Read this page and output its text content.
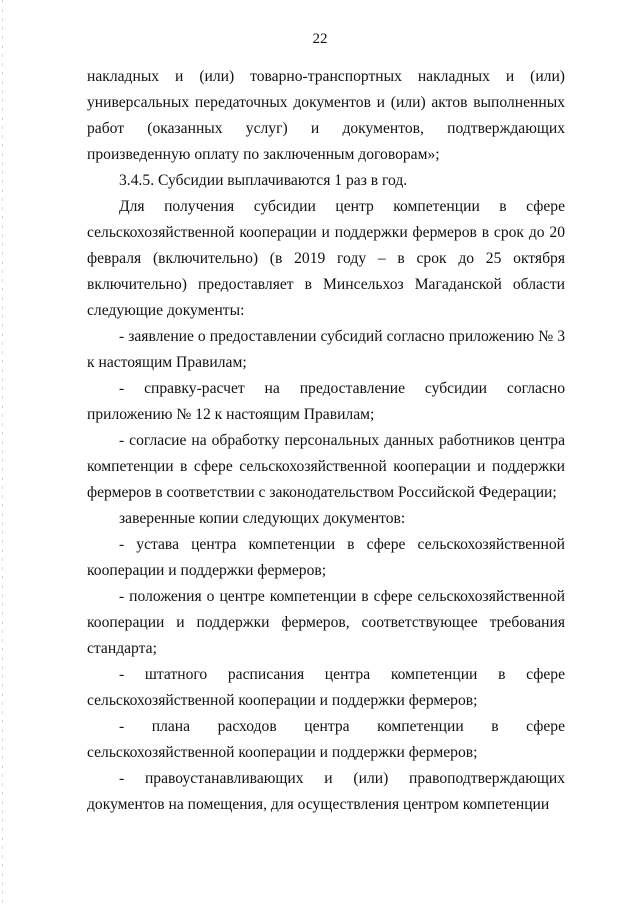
22

накладных и (или) товарно-транспортных накладных и (или) универсальных передаточных документов и (или) актов выполненных работ (оказанных услуг) и документов, подтверждающих произведенную оплату по заключенным договорам»;

3.4.5. Субсидии выплачиваются 1 раз в год.

Для получения субсидии центр компетенции в сфере сельскохозяйственной кооперации и поддержки фермеров в срок до 20 февраля (включительно) (в 2019 году – в срок до 25 октября включительно) предоставляет в Минсельхоз Магаданской области следующие документы:

- заявление о предоставлении субсидий согласно приложению № 3 к настоящим Правилам;

- справку-расчет на предоставление субсидии согласно приложению № 12 к настоящим Правилам;

- согласие на обработку персональных данных работников центра компетенции в сфере сельскохозяйственной кооперации и поддержки фермеров в соответствии с законодательством Российской Федерации;

заверенные копии следующих документов:

- устава центра компетенции в сфере сельскохозяйственной кооперации и поддержки фермеров;

- положения о центре компетенции в сфере сельскохозяйственной кооперации и поддержки фермеров, соответствующее требования стандарта;

- штатного расписания центра компетенции в сфере сельскохозяйственной кооперации и поддержки фермеров;

- плана расходов центра компетенции в сфере сельскохозяйственной кооперации и поддержки фермеров;

- правоустанавливающих и (или) правоподтверждающих документов на помещения, для осуществления центром компетенции
